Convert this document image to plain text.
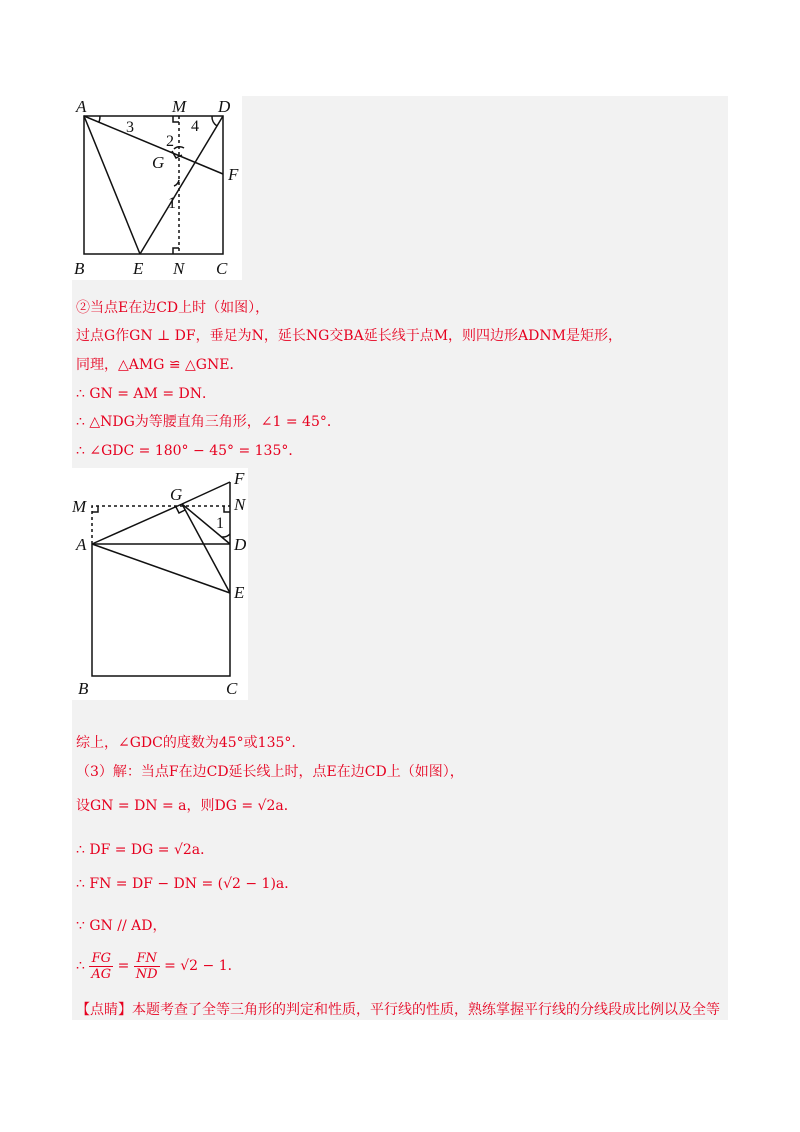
A	M D
B	E N C
G
F
1
2
3	4
②当点E在边CD上时（如图），
过点G作GN ⊥ DF，垂足为N，延长NG交BA延长线于点M，则四边形ADNM是矩形，
同理，△AMG ≌ △GNE．
∴ GN = AM = DN．
∴ △NDG为等腰直角三角形，∠1 = 45°．
∴ ∠GDC = 180° − 45° = 135°．
F
G
N
M
A	D
E
B	C
1
综上，∠GDC的度数为45°或135°.
（3）解：当点F在边CD延长线上时，点E在边CD上（如图），
设GN = DN = a，则DG = √2a．
∴ DF = DG = √2a．
∴ FN = DF − DN = (√2 − 1)a．
∵ GN // AD，
∴ $\frac{FG}{AG} = \frac{FN}{ND} = √2 - 1$．
【点睛】本题考查了全等三角形的判定和性质，平行线的性质，熟练掌握平行线的分线段成比例以及全等
